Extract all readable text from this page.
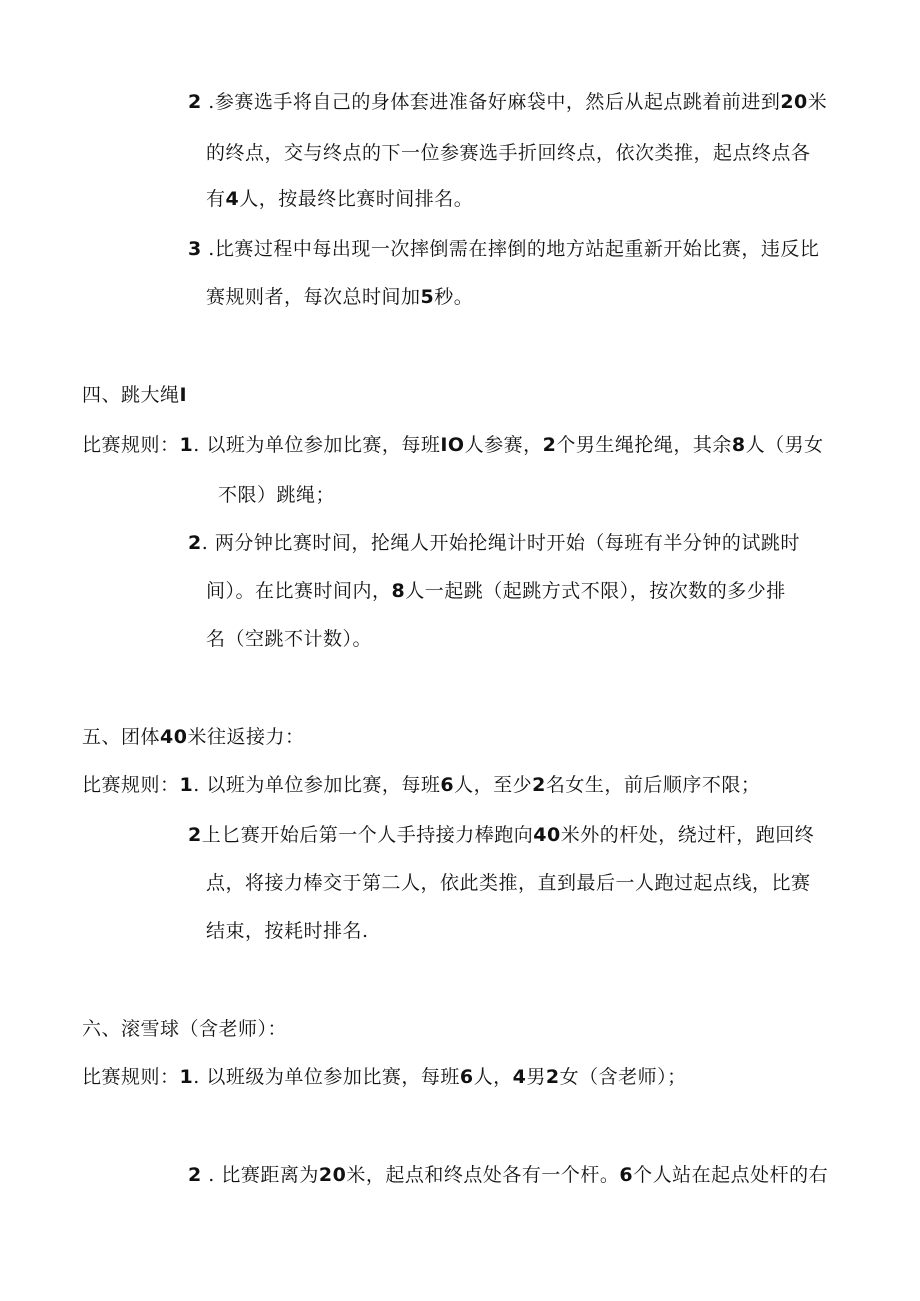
2 .参赛选手将自己的身体套进准备好麻袋中，然后从起点跳着前进到20米
的终点，交与终点的下一位参赛选手折回终点，依次类推，起点终点各
有4人，按最终比赛时间排名。
3 .比赛过程中每出现一次摔倒需在摔倒的地方站起重新开始比赛，违反比
赛规则者，每次总时间加5秒。
四、跳大绳I
比赛规则：1. 以班为单位参加比赛，每班IO人参赛，2个男生绳抡绳，其余8人（男女
不限）跳绳；
2. 两分钟比赛时间，抡绳人开始抡绳计时开始（每班有半分钟的试跳时
间）。在比赛时间内，8人一起跳（起跳方式不限），按次数的多少排
名（空跳不计数）。
五、团体40米往返接力：
比赛规则：1. 以班为单位参加比赛，每班6人，至少2名女生，前后顺序不限；
2上匕赛开始后第一个人手持接力棒跑向40米外的杆处，绕过杆，跑回终
点，将接力棒交于第二人，依此类推，直到最后一人跑过起点线，比赛
结束，按耗时排名.
六、滚雪球（含老师）：
比赛规则：1. 以班级为单位参加比赛，每班6人，4男2女（含老师）；
2 . 比赛距离为20米，起点和终点处各有一个杆。6个人站在起点处杆的右
